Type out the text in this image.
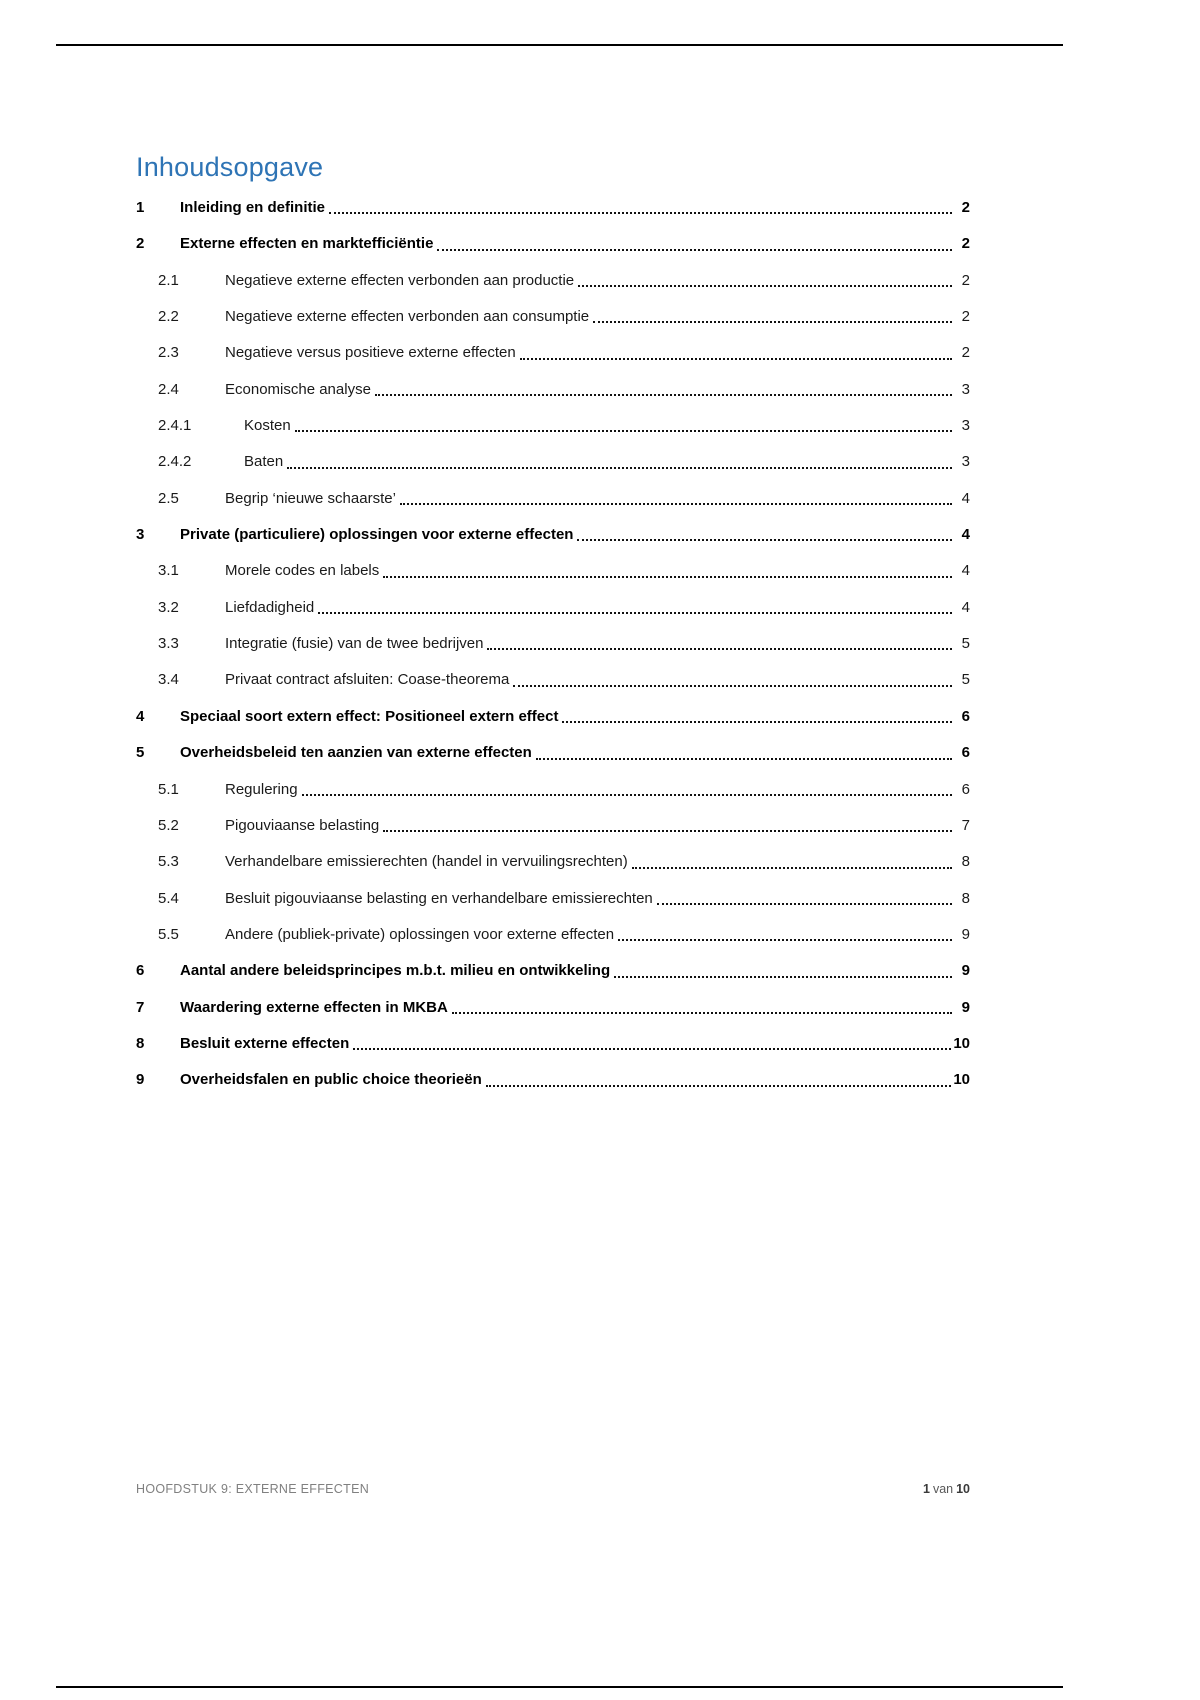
Inhoudsopgave
1	Inleiding en definitie	2
2	Externe effecten en marktefficiëntie	2
2.1	Negatieve externe effecten verbonden aan productie	2
2.2	Negatieve externe effecten verbonden aan consumptie	2
2.3	Negatieve versus positieve externe effecten	2
2.4	Economische analyse	3
2.4.1	Kosten	3
2.4.2	Baten	3
2.5	Begrip ‘nieuwe schaarste’	4
3	Private (particuliere) oplossingen voor externe effecten	4
3.1	Morele codes en labels	4
3.2	Liefdadigheid	4
3.3	Integratie (fusie) van de twee bedrijven	5
3.4	Privaat contract afsluiten: Coase-theorema	5
4	Speciaal soort extern effect: Positioneel extern effect	6
5	Overheidsbeleid ten aanzien van externe effecten	6
5.1	Regulering	6
5.2	Pigouviaanse belasting	7
5.3	Verhandelbare emissierechten (handel in vervuilingsrechten)	8
5.4	Besluit pigouviaanse belasting en verhandelbare emissierechten	8
5.5	Andere (publiek-private) oplossingen voor externe effecten	9
6	Aantal andere beleidsprincipes m.b.t. milieu en ontwikkeling	9
7	Waardering externe effecten in MKBA	9
8	Besluit externe effecten	10
9	Overheidsfalen en public choice theorieën	10
HOOFDSTUK 9: EXTERNE EFFECTEN	1 van 10
